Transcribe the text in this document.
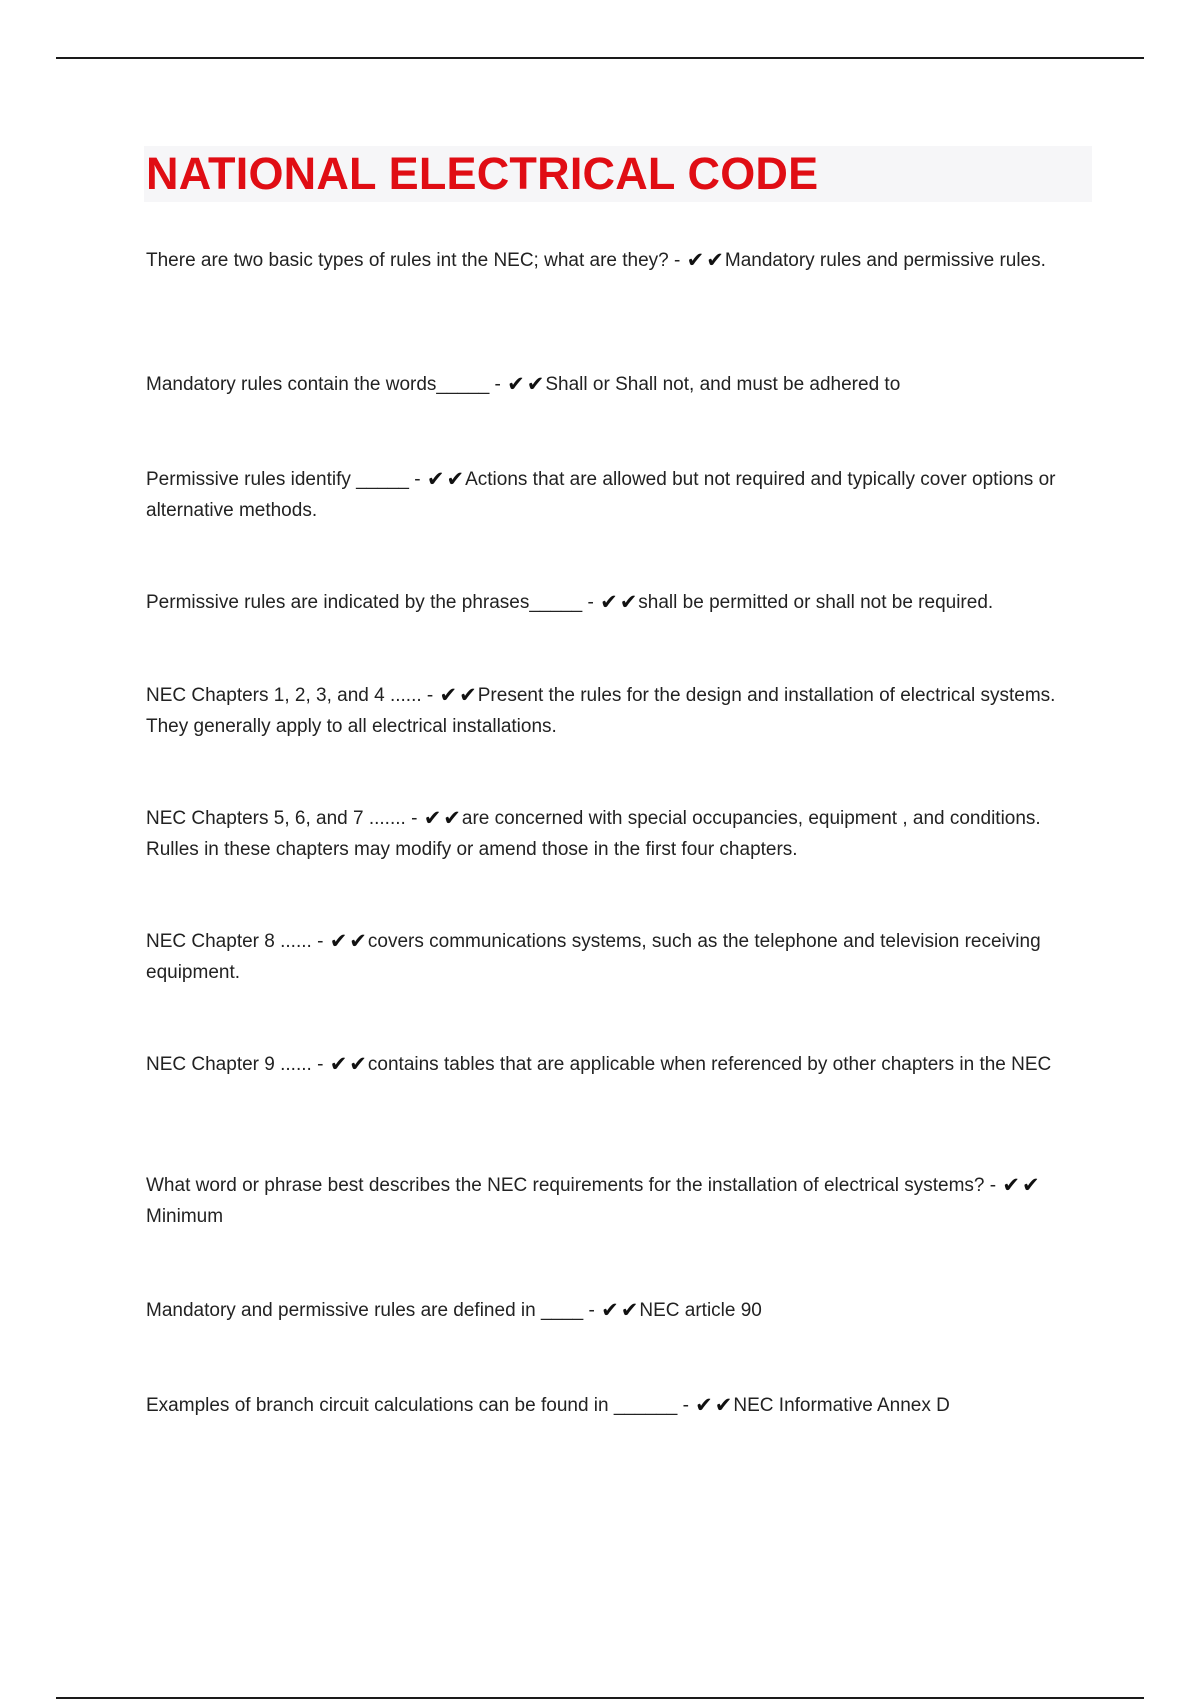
NATIONAL ELECTRICAL CODE
There are two basic types of rules int the NEC; what are they? - ✔✔Mandatory rules and permissive rules.
Mandatory rules contain the words_____ - ✔✔Shall or Shall not, and must be adhered to
Permissive rules identify _____ - ✔✔Actions that are allowed but not required and typically cover options or alternative methods.
Permissive rules are indicated by the phrases_____ - ✔✔shall be permitted or shall not be required.
NEC Chapters 1, 2, 3, and 4 ...... - ✔✔Present the rules for the design and installation of electrical systems. They generally apply to all electrical installations.
NEC Chapters 5, 6, and 7 ....... - ✔✔are concerned with special occupancies, equipment , and conditions. Rulles in these chapters may modify or amend those in the first four chapters.
NEC Chapter 8 ...... - ✔✔covers communications systems, such as the telephone and television receiving equipment.
NEC Chapter 9 ...... - ✔✔contains tables that are applicable when referenced by other chapters in the NEC
What word or phrase best describes the NEC requirements for the installation of electrical systems? - ✔✔Minimum
Mandatory and permissive rules are defined in ____ - ✔✔NEC article 90
Examples of branch circuit calculations can be found in ______ - ✔✔NEC Informative Annex D
